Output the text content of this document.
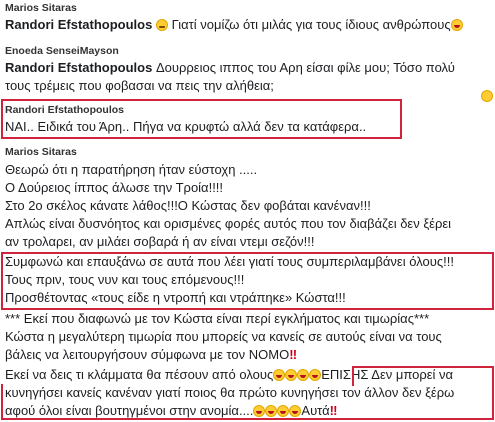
Marios Sitaras
Randori Efstathopoulos Γιατί νομίζω ότι μιλάς για τους ίδιους ανθρώπους
Enoeda SenseiMayson
Randori Efstathopoulos Δουρρειος ιππος του Αρη είσαι φίλε μου; Τόσο πολύ
τους τρέμεις που φοβασαι να πεις την αλήθεια;
Randori Efstathopoulos
ΝΑΙ.. Ειδικά του Άρη.. Πήγα να κρυφτώ αλλά δεν τα κατάφερα..
Marios Sitaras
Θεωρώ ότι η παρατήρηση ήταν εύστοχη .....
Ο Δούρειος ίππος άλωσε την Τροία!!!!
Στο 2ο σκέλος κάνατε λάθος!!!Ο Κώστας δεν φοβάται κανέναν!!!
Απλώς είναι δυσνόητος και ορισμένες φορές αυτός που τον διαβάζει δεν ξέρει
αν τρολαρει, αν μιλάει σοβαρά ή αν είναι ντεμι σεζόν!!!
Συμφωνώ και επαυξάνω σε αυτά που λέει γιατί τους συμπεριλαμβάνει όλους!!!
Τους πριν, τους νυν και τους επόμενους!!!
Προσθέτοντας «τους είδε η ντροπή και ντράπηκε» Κώστα!!!
*** Εκεί που διαφωνώ με τον Κώστα είναι περί εγκλήματος και τιμωρίας***
Κώστα η μεγαλύτερη τιμωρία που μπορείς να κανείς σε αυτούς είναι να τους
βάλεις να λειτουργήσουν σύμφωνα με τον ΝΟΜΟ‼
Εκεί να δεις τι κλάμματα θα πέσουν από ολους	ΕΠΙΣΗΣ Δεν μπορεί να
κυνηγήσει κανείς κανέναν γιατί ποιος θα πρώτο κυνηγήσει τον άλλον δεν ξέρω
αφού όλοι είναι βουτηγμένοι στην ανομία....	Αυτά‼
